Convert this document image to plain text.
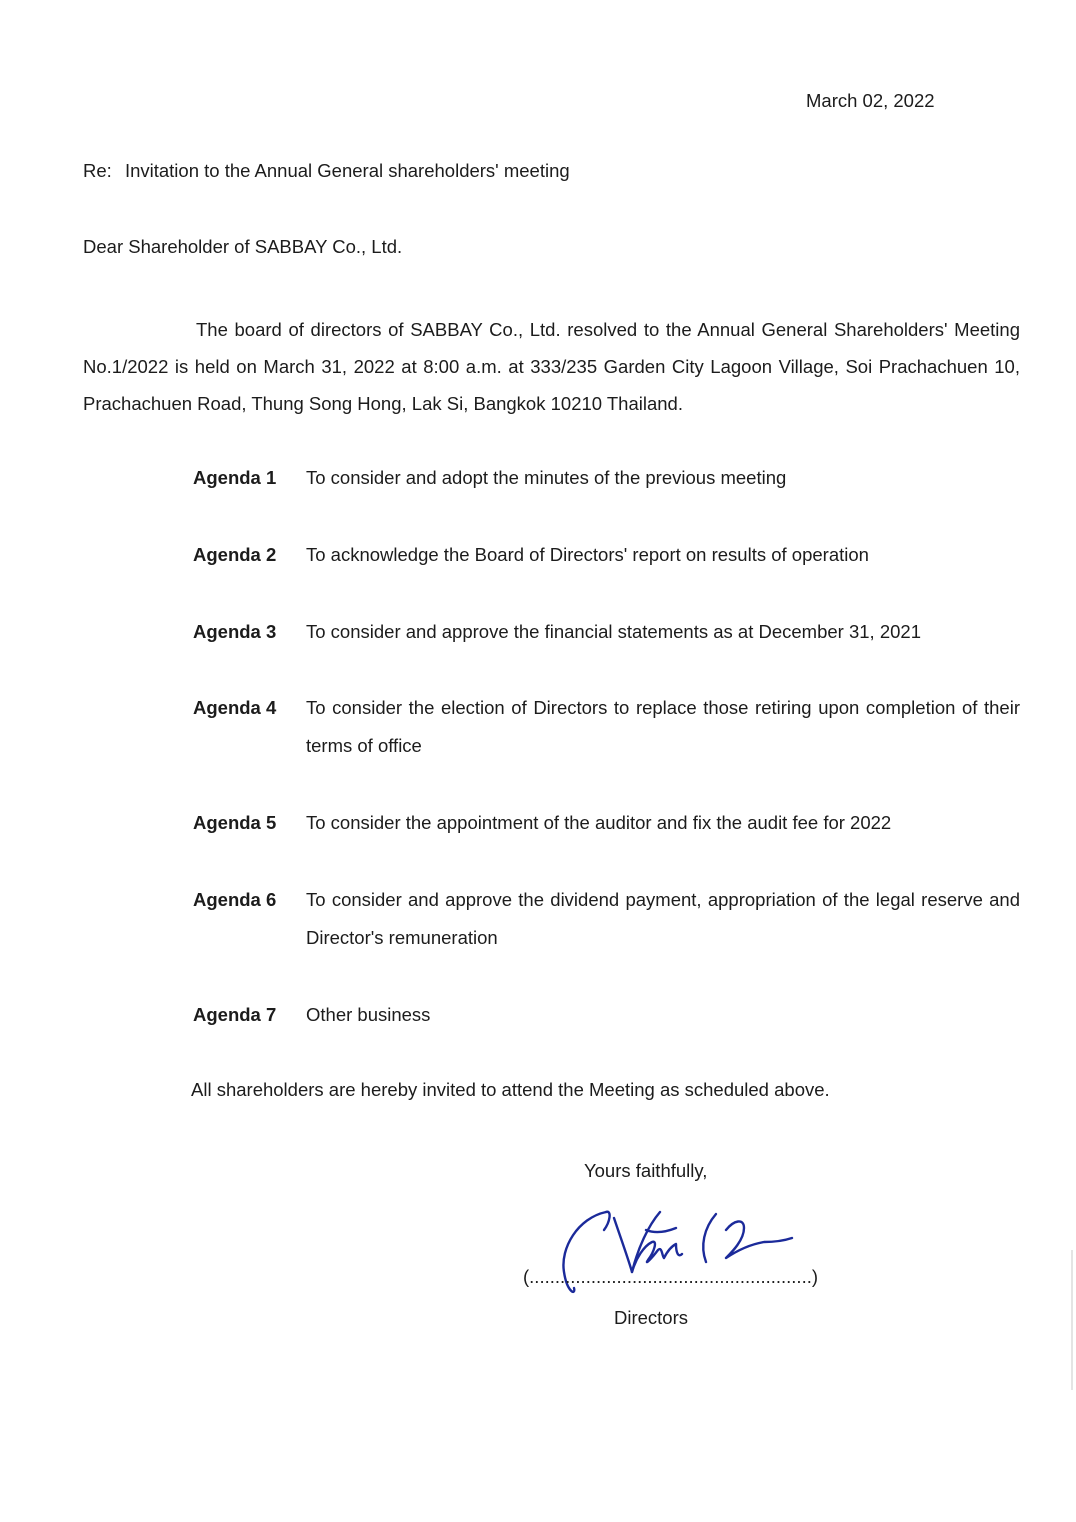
March 02, 2022
Re: Invitation to the Annual General shareholders' meeting
Dear Shareholder of SABBAY Co., Ltd.
The board of directors of SABBAY Co., Ltd. resolved to the Annual General Shareholders' Meeting No.1/2022 is held on March 31, 2022 at 8:00 a.m. at 333/235 Garden City Lagoon Village, Soi Prachachuen 10, Prachachuen Road, Thung Song Hong, Lak Si, Bangkok 10210 Thailand.
Agenda 1	To consider and adopt the minutes of the previous meeting
Agenda 2	To acknowledge the Board of Directors' report on results of operation
Agenda 3	To consider and approve the financial statements as at December 31, 2021
Agenda 4	To consider the election of Directors to replace those retiring upon completion of their terms of office
Agenda 5	To consider the appointment of the auditor and fix the audit fee for 2022
Agenda 6	To consider and approve the dividend payment, appropriation of the legal reserve and Director's remuneration
Agenda 7	Other business
All shareholders are hereby invited to attend the Meeting as scheduled above.
Yours faithfully,
(.......................................................)
Directors
